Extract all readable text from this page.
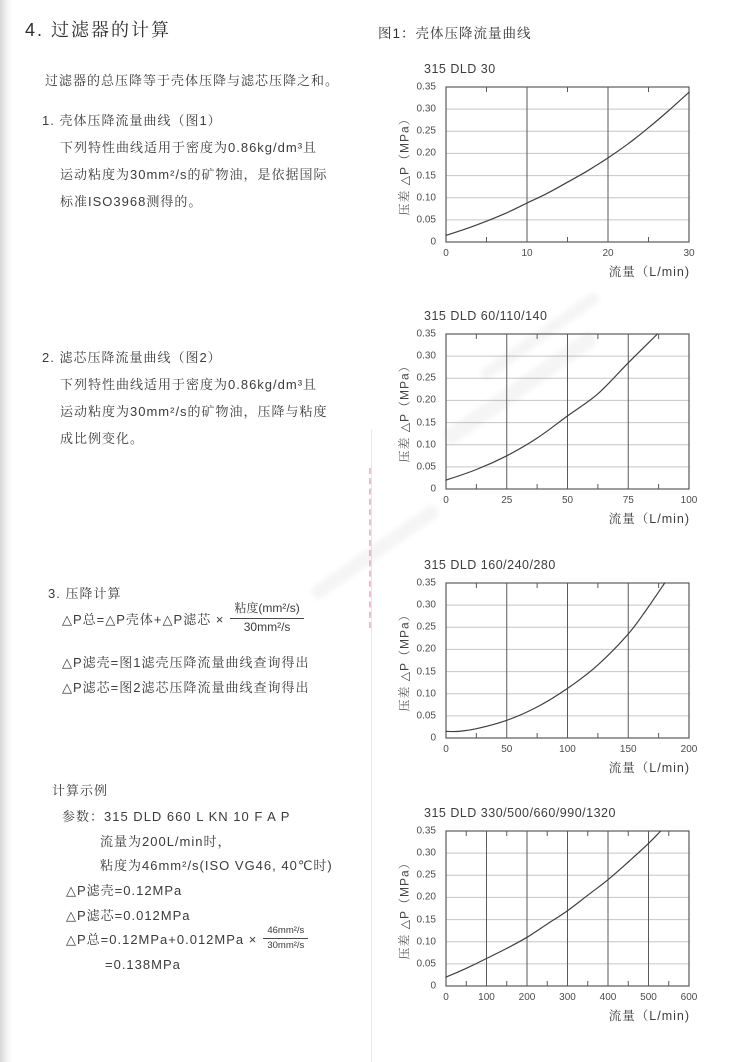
4. 过滤器的计算
过滤器的总压降等于壳体压降与滤芯压降之和。
1. 壳体压降流量曲线（图1）
下列特性曲线适用于密度为0.86kg/dm³且
运动粘度为30mm²/s的矿物油，是依据国际
标准ISO3968测得的。
2. 滤芯压降流量曲线（图2）
下列特性曲线适用于密度为0.86kg/dm³且
运动粘度为30mm²/s的矿物油，压降与粘度
成比例变化。
3. 压降计算
△P总=△P壳体+△P滤芯 × $\frac{\text{粘度(mm²/s)}}{\text{30mm²/s}}$
△P滤壳=图1滤壳压降流量曲线查询得出
△P滤芯=图2滤芯压降流量曲线查询得出
计算示例
参数：315 DLD 660 L KN 10 F A P
流量为200L/min时，
粘度为46mm²/s(ISO VG46, 40℃时)
△P滤壳=0.12MPa
△P滤芯=0.012MPa
△P总$=0.12MPa+0.012MPa \times \frac{\text{46mm²/s}}{\text{30mm²/s}}$
=0.138MPa
图1：壳体压降流量曲线
315 DLD 30
压差 △P（MPa）
0
0.05
0.10
0.15
0.20
0.25
0.30
0.35
0	10	20	30
流量（L/min)
315 DLD 60/110/140
压差 △P（MPa）
0
0.05
0.10
0.15
0.20
0.25
0.30
0.35
0	25	50	75	100
流量（L/min)
315 DLD 160/240/280
压差 △P（MPa）
0
0.05
0.10
0.15
0.20
0.25
0.30
0.35
0	50	100	150	200
流量（L/min)
315 DLD 330/500/660/990/1320
压差 △P（MPa）
0
0.05
0.10
0.15
0.20
0.25
0.30
0.35
0	100 200 300 400 500 600
流量（L/min)
